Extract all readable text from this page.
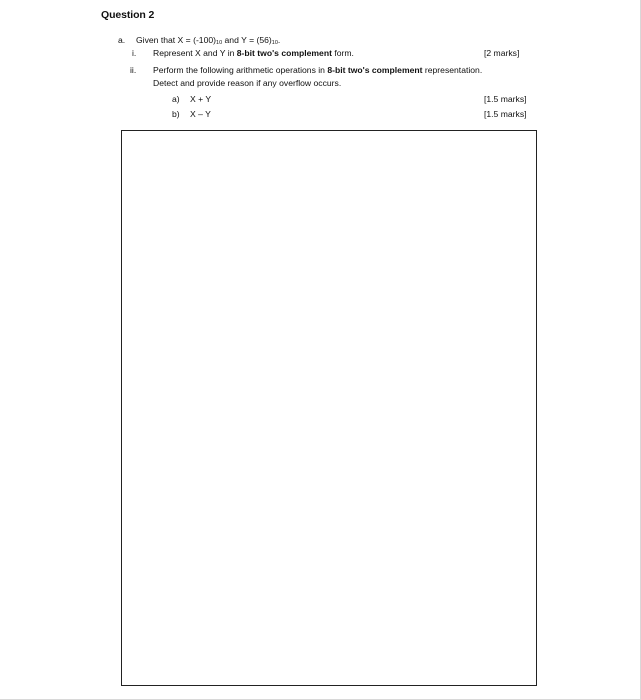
Question 2
a. Given that $X = (-100)_{10}$ and $Y = (56)_{10}$.
i. Represent X and Y in 8-bit two's complement form.	[2 marks]
ii. Perform the following arithmetic operations in 8-bit two's complement representation.
Detect and provide reason if any overflow occurs.
a) X + Y	[1.5 marks]
b) X – Y	[1.5 marks]
